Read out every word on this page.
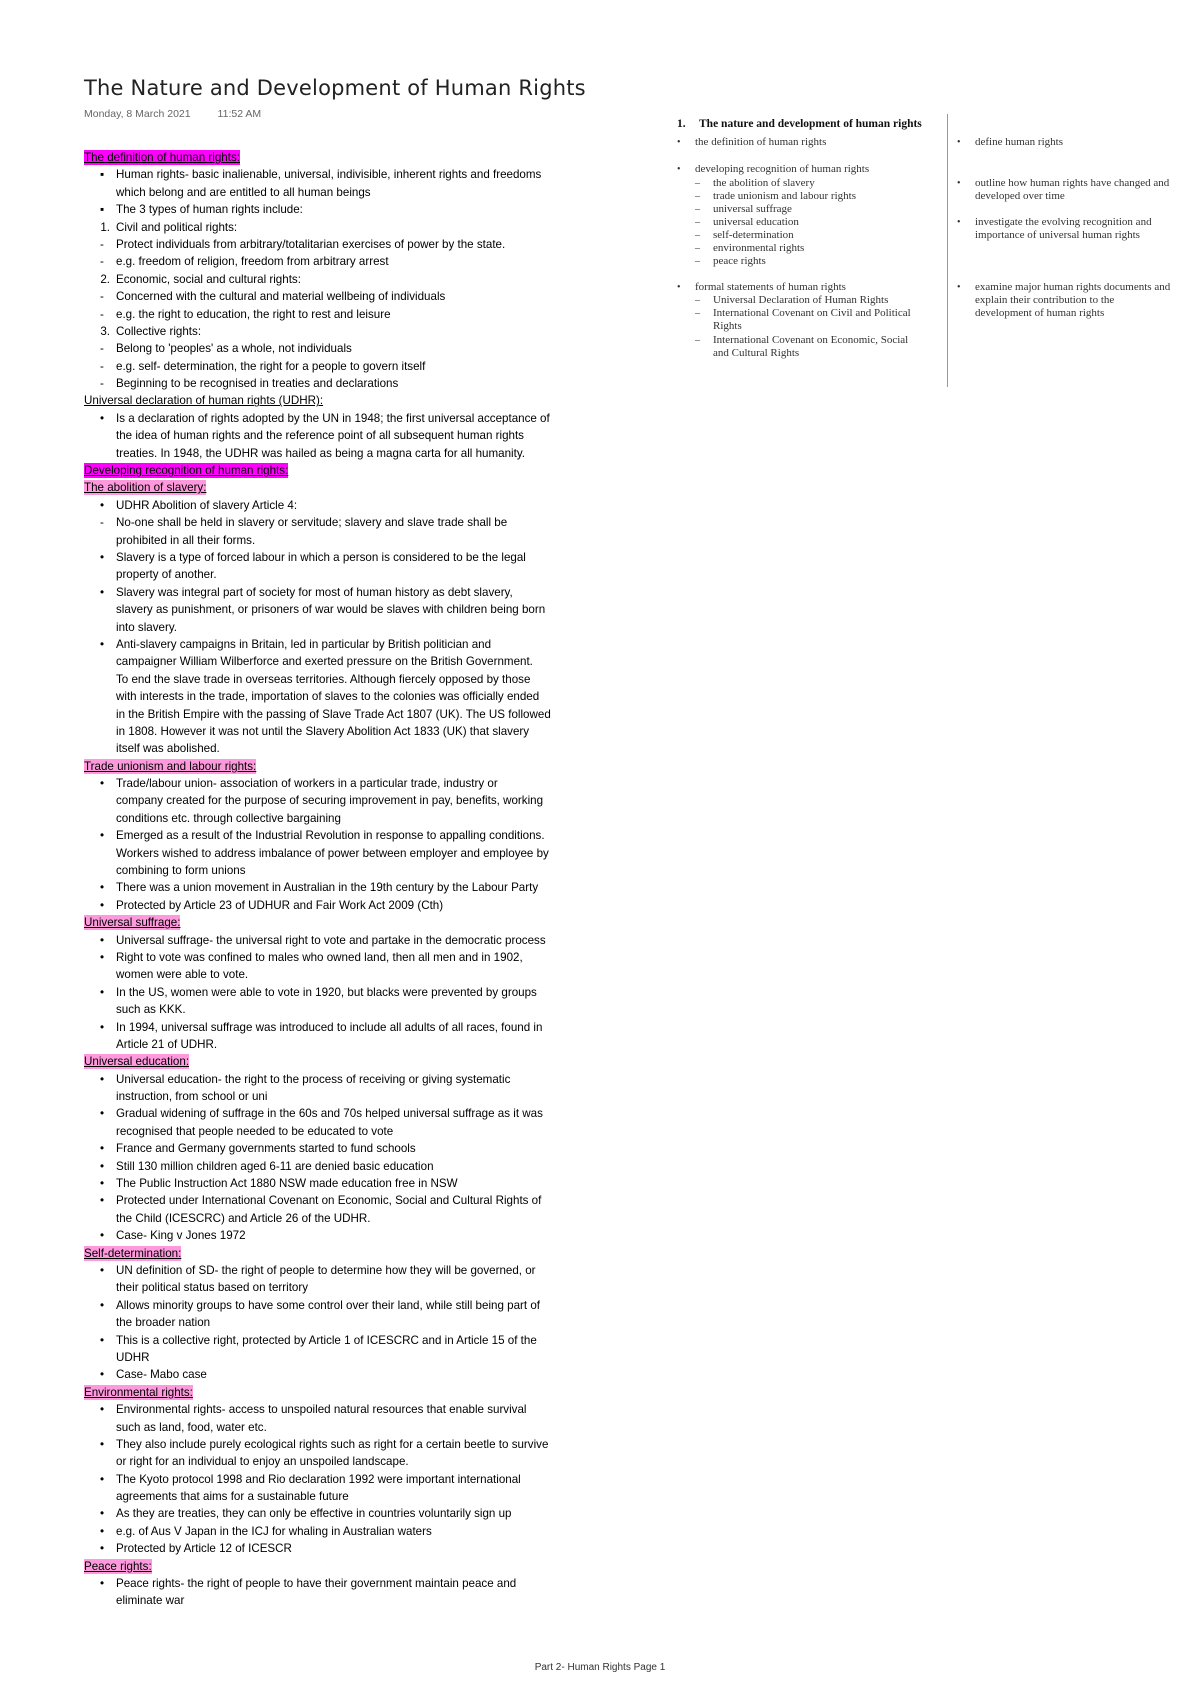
The Nature and Development of Human Rights
Monday, 8 March 2021	11:52 AM
The definition of human rights:
▪ Human rights- basic inalienable, universal, indivisible, inherent rights and freedoms
which belong and are entitled to all human beings
▪ The 3 types of human rights include:
1. Civil and political rights:
- Protect individuals from arbitrary/totalitarian exercises of power by the state.
- e.g. freedom of religion, freedom from arbitrary arrest
2. Economic, social and cultural rights:
- Concerned with the cultural and material wellbeing of individuals
- e.g. the right to education, the right to rest and leisure
3. Collective rights:
- Belong to 'peoples' as a whole, not individuals
- e.g. self- determination, the right for a people to govern itself
- Beginning to be recognised in treaties and declarations
Universal declaration of human rights (UDHR):
• Is a declaration of rights adopted by the UN in 1948; the first universal acceptance of
the idea of human rights and the reference point of all subsequent human rights
treaties. In 1948, the UDHR was hailed as being a magna carta for all humanity.
Developing recognition of human rights:
The abolition of slavery:
• UDHR Abolition of slavery Article 4:
- No-one shall be held in slavery or servitude; slavery and slave trade shall be
prohibited in all their forms.
• Slavery is a type of forced labour in which a person is considered to be the legal
property of another.
• Slavery was integral part of society for most of human history as debt slavery,
slavery as punishment, or prisoners of war would be slaves with children being born
into slavery.
• Anti-slavery campaigns in Britain, led in particular by British politician and
campaigner William Wilberforce and exerted pressure on the British Government.
To end the slave trade in overseas territories. Although fiercely opposed by those
with interests in the trade, importation of slaves to the colonies was officially ended
in the British Empire with the passing of Slave Trade Act 1807 (UK). The US followed
in 1808. However it was not until the Slavery Abolition Act 1833 (UK) that slavery
itself was abolished.
Trade unionism and labour rights:
• Trade/labour union- association of workers in a particular trade, industry or
company created for the purpose of securing improvement in pay, benefits, working
conditions etc. through collective bargaining
• Emerged as a result of the Industrial Revolution in response to appalling conditions.
Workers wished to address imbalance of power between employer and employee by
combining to form unions
• There was a union movement in Australian in the 19th century by the Labour Party
• Protected by Article 23 of UDHUR and Fair Work Act 2009 (Cth)
Universal suffrage:
• Universal suffrage- the universal right to vote and partake in the democratic process
• Right to vote was confined to males who owned land, then all men and in 1902,
women were able to vote.
• In the US, women were able to vote in 1920, but blacks were prevented by groups
such as KKK.
• In 1994, universal suffrage was introduced to include all adults of all races, found in
Article 21 of UDHR.
Universal education:
• Universal education- the right to the process of receiving or giving systematic
instruction, from school or uni
• Gradual widening of suffrage in the 60s and 70s helped universal suffrage as it was
recognised that people needed to be educated to vote
• France and Germany governments started to fund schools
• Still 130 million children aged 6-11 are denied basic education
• The Public Instruction Act 1880 NSW made education free in NSW
• Protected under International Covenant on Economic, Social and Cultural Rights of
the Child (ICESCRC) and Article 26 of the UDHR.
• Case- King v Jones 1972
Self-determination:
• UN definition of SD- the right of people to determine how they will be governed, or
their political status based on territory
• Allows minority groups to have some control over their land, while still being part of
the broader nation
• This is a collective right, protected by Article 1 of ICESCRC and in Article 15 of the
UDHR
• Case- Mabo case
Environmental rights:
• Environmental rights- access to unspoiled natural resources that enable survival
such as land, food, water etc.
• They also include purely ecological rights such as right for a certain beetle to survive
or right for an individual to enjoy an unspoiled landscape.
• The Kyoto protocol 1998 and Rio declaration 1992 were important international
agreements that aims for a sustainable future
• As they are treaties, they can only be effective in countries voluntarily sign up
• e.g. of Aus V Japan in the ICJ for whaling in Australian waters
• Protected by Article 12 of ICESCR
Peace rights:
• Peace rights- the right of people to have their government maintain peace and
eliminate war
1. The nature and development of human rights
• the definition of human rights
• developing recognition of human rights
– the abolition of slavery
– trade unionism and labour rights
– universal suffrage
– universal education
– self-determination
– environmental rights
– peace rights
• formal statements of human rights
– Universal Declaration of Human Rights
– International Covenant on Civil and Political
Rights
– International Covenant on Economic, Social
and Cultural Rights
• define human rights
• outline how human rights have changed and
developed over time
• investigate the evolving recognition and
importance of universal human rights
• examine major human rights documents and
explain their contribution to the
development of human rights
Part 2- Human Rights Page 1
